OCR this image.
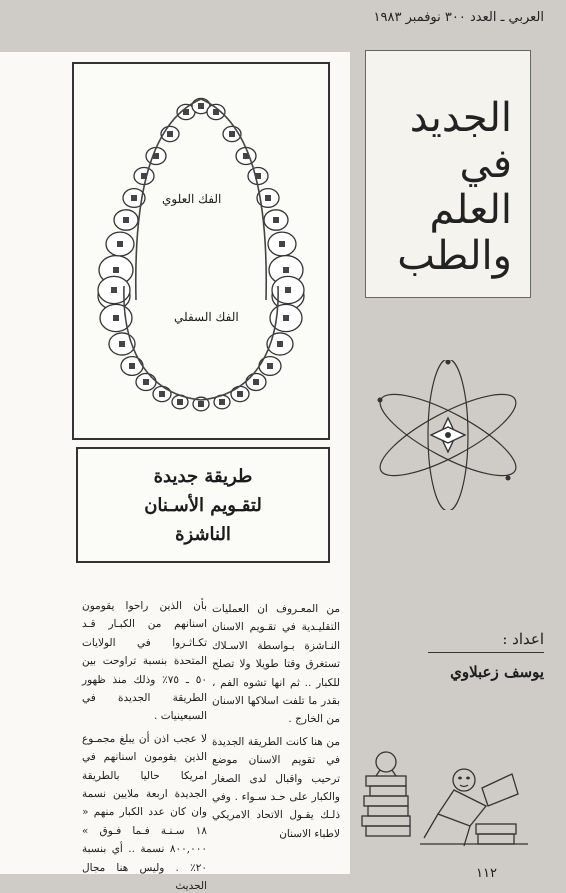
العربي ـ العدد ٣٠٠ نوفمبر ١٩٨٣
الفك العلوي
الفك السفلي
طريقة جديدة
لتقـويم الأسـنان
الناشزة

من المعـروف ان العمليات التقليـدية في تقـويم الاسنان النـاشزة بـواسطة الاسـلاك تستغرق وقتا طويلا ولا تصلح للكبار .. ثم انها تشوه الفم ، بقدر ما تلفت اسلاكها الاسنان من الخارج .

من هنا كانت الطريقة الجديدة في تقويم الاسنان موضع ترحيب واقبال لدى الصغار والكبار على حـد سـواء . وفي ذلـك يقـول الاتحاد الامريكي لاطباء الاسنان

بأن الذين راحوا يقومون اسنانهم من الكبـار قـد تكـاثـروا في الولايات المتحدة بنسبة تراوحت بين ٥٠ ـ ٧٥٪ وذلك منذ ظهور الطريقة الجديدة في السبعينيات .

لا عجب اذن أن يبلغ مجمـوع الذين يقومون اسنانهم في امريكا حاليا بالطريقة الجديدة اربعة ملايين نسمة وان كان عدد الكبار منهم « ١٨ سـنـة فـما فـوق » ٨٠٠,٠٠٠ نسمة .. أي بنسبة ٢٠٪ . وليس هنا مجال الحديث

الجديد
في
العلم
والطب
اعداد :
يوسف زعبلاوي
١١٢
